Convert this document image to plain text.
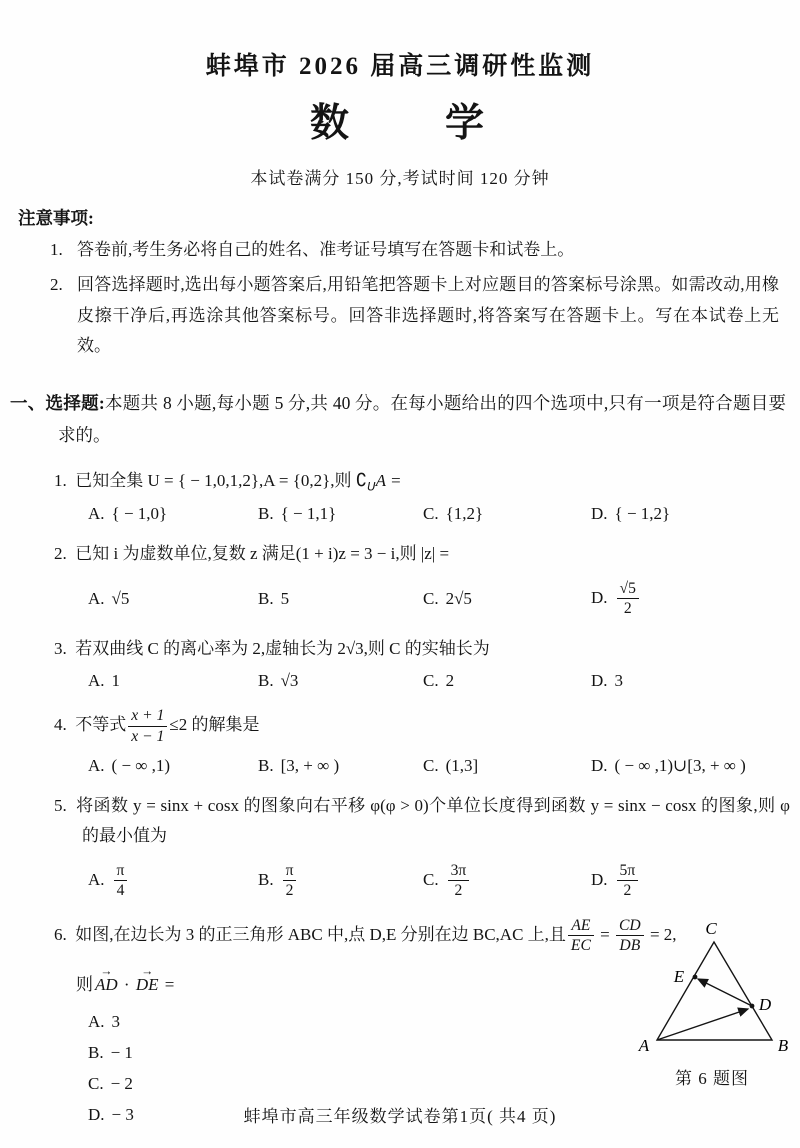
蚌埠市 2026 届高三调研性监测
数　　学
本试卷满分 150 分,考试时间 120 分钟
注意事项:
1. 答卷前,考生务必将自己的姓名、准考证号填写在答题卡和试卷上。
2. 回答选择题时,选出每小题答案后,用铅笔把答题卡上对应题目的答案标号涂黑。如需改动,用橡皮擦干净后,再选涂其他答案标号。回答非选择题时,将答案写在答题卡上。写在本试卷上无效。
一、选择题:本题共 8 小题,每小题 5 分,共 40 分。在每小题给出的四个选项中,只有一项是符合题目要求的。
1. 已知全集 U = { − 1,0,1,2},A = {0,2},则 $∁_UA$ =
A. { − 1,0}	B. { − 1,1}	C. {1,2}	D. { − 1,2}
2. 已知 i 为虚数单位,复数 z 满足(1 + i)z = 3 − i,则 |z| =
A. √5	B. 5	C. 2√5	D. $\frac{√5}{2}$
3. 若双曲线 C 的离心率为 2,虚轴长为 2√3,则 C 的实轴长为
A. 1	B. √3	C. 2	D. 3
4. 不等式 $\frac{x + 1}{x - 1} \le 2$ 的解集是
A. ( − ∞ ,1)	B. [3, + ∞ )	C. (1,3]	D. ( − ∞ ,1)∪[3, + ∞ )
5. 将函数 y = sinx + cosx 的图象向右平移 φ(φ > 0)个单位长度得到函数 y = sinx − cosx 的图象,则 φ 的最小值为
A. $\frac{\pi}{4}$	B. $\frac{\pi}{2}$	C. $\frac{3\pi}{2}$	D. $\frac{5\pi}{2}$
6. 如图,在边长为 3 的正三角形 ABC 中,点 D,E 分别在边 BC,AC 上,且 $\frac{AE}{EC} = \frac{CD}{DB} = 2$,
则 → AD · → DE =
A. 3
B. − 1
C. − 2
D. − 3
C
E
D
A	B
第 6 题图
蚌埠市高三年级数学试卷第1页( 共4 页)
